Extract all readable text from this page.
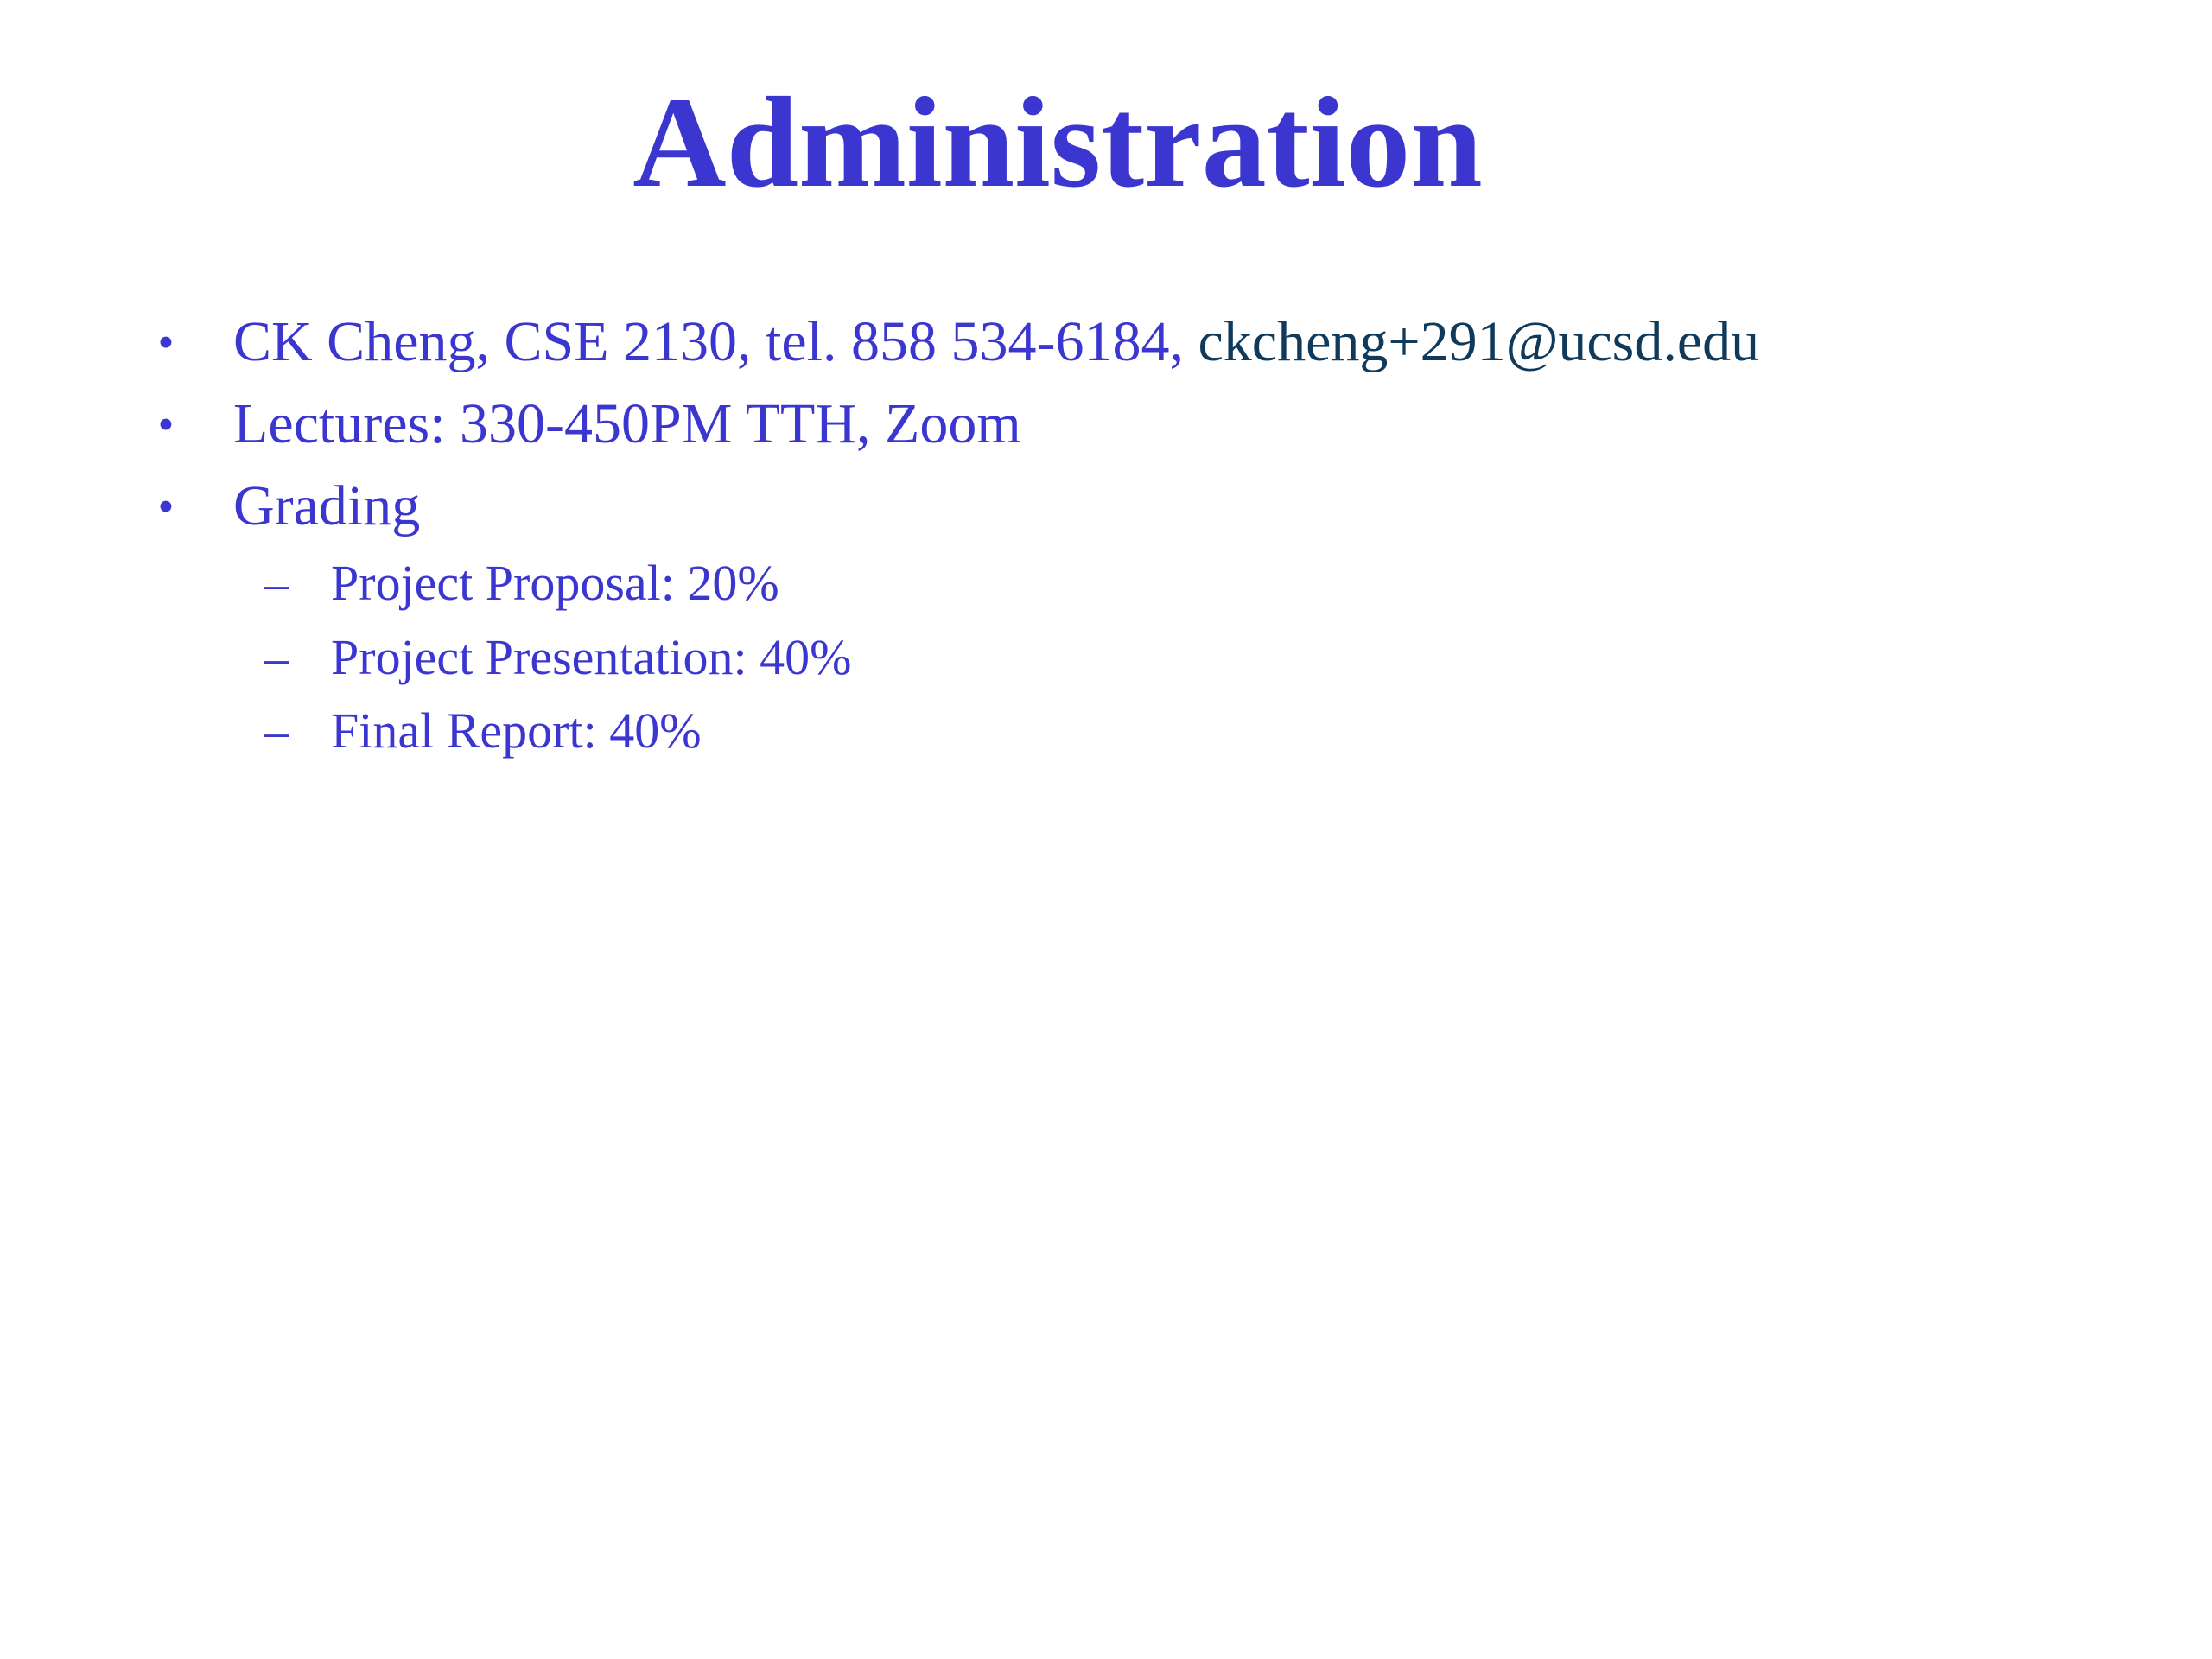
Administration
• CK Cheng, CSE 2130, tel. 858 534-6184, ckcheng+291@ucsd.edu
• Lectures: 330-450PM TTH, Zoom
• Grading
– Project Proposal: 20%
– Project Presentation: 40%
– Final Report: 40%
